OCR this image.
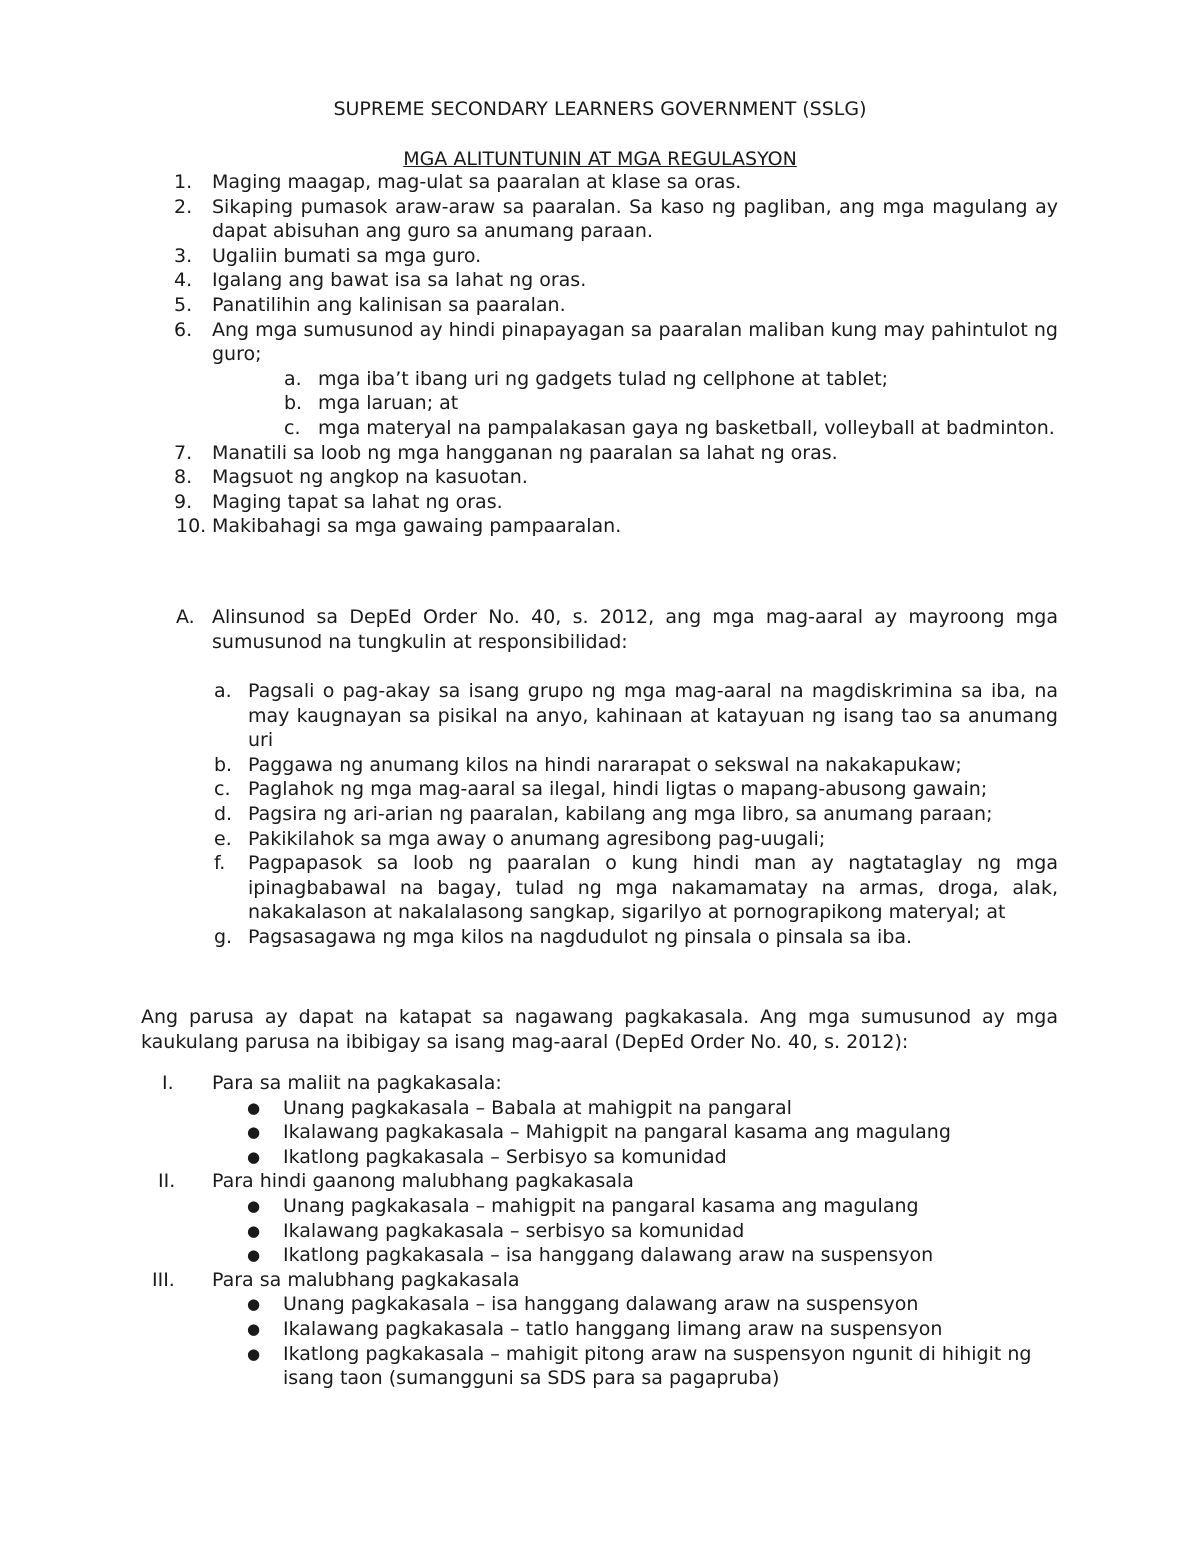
SUPREME SECONDARY LEARNERS GOVERNMENT (SSLG)
MGA ALITUNTUNIN AT MGA REGULASYON
1. Maging maagap, mag-ulat sa paaralan at klase sa oras.
2. Sikaping pumasok araw-araw sa paaralan. Sa kaso ng pagliban, ang mga magulang ay dapat abisuhan ang guro sa anumang paraan.
3. Ugaliin bumati sa mga guro.
4. Igalang ang bawat isa sa lahat ng oras.
5. Panatilihin ang kalinisan sa paaralan.
6. Ang mga sumusunod ay hindi pinapayagan sa paaralan maliban kung may pahintulot ng guro;
a. mga iba’t ibang uri ng gadgets tulad ng cellphone at tablet;
b. mga laruan; at
c. mga materyal na pampalakasan gaya ng basketball, volleyball at badminton.
7. Manatili sa loob ng mga hangganan ng paaralan sa lahat ng oras.
8. Magsuot ng angkop na kasuotan.
9. Maging tapat sa lahat ng oras.
10. Makibahagi sa mga gawaing pampaaralan.
A. Alinsunod sa DepEd Order No. 40, s. 2012, ang mga mag-aaral ay mayroong mga sumusunod na tungkulin at responsibilidad:
a. Pagsali o pag-akay sa isang grupo ng mga mag-aaral na magdiskrimina sa iba, na may kaugnayan sa pisikal na anyo, kahinaan at katayuan ng isang tao sa anumang uri
b. Paggawa ng anumang kilos na hindi nararapat o sekswal na nakakapukaw;
c. Paglahok ng mga mag-aaral sa ilegal, hindi ligtas o mapang-abusong gawain;
d. Pagsira ng ari-arian ng paaralan, kabilang ang mga libro, sa anumang paraan;
e. Pakikilahok sa mga away o anumang agresibong pag-uugali;
f. Pagpapasok sa loob ng paaralan o kung hindi man ay nagtataglay ng mga ipinagbabawal na bagay, tulad ng mga nakamamatay na armas, droga, alak, nakakalason at nakalalasong sangkap, sigarilyo at pornograpikong materyal; at
g. Pagsasagawa ng mga kilos na nagdudulot ng pinsala o pinsala sa iba.
Ang parusa ay dapat na katapat sa nagawang pagkakasala. Ang mga sumusunod ay mga kaukulang parusa na ibibigay sa isang mag-aaral (DepEd Order No. 40, s. 2012):
I. Para sa maliit na pagkakasala:
● Unang pagkakasala – Babala at mahigpit na pangaral
● Ikalawang pagkakasala – Mahigpit na pangaral kasama ang magulang
● Ikatlong pagkakasala – Serbisyo sa komunidad
II. Para hindi gaanong malubhang pagkakasala
● Unang pagkakasala – mahigpit na pangaral kasama ang magulang
● Ikalawang pagkakasala – serbisyo sa komunidad
● Ikatlong pagkakasala – isa hanggang dalawang araw na suspensyon
III. Para sa malubhang pagkakasala
● Unang pagkakasala – isa hanggang dalawang araw na suspensyon
● Ikalawang pagkakasala – tatlo hanggang limang araw na suspensyon
● Ikatlong pagkakasala – mahigit pitong araw na suspensyon ngunit di hihigit ng isang taon (sumangguni sa SDS para sa pagapruba)
